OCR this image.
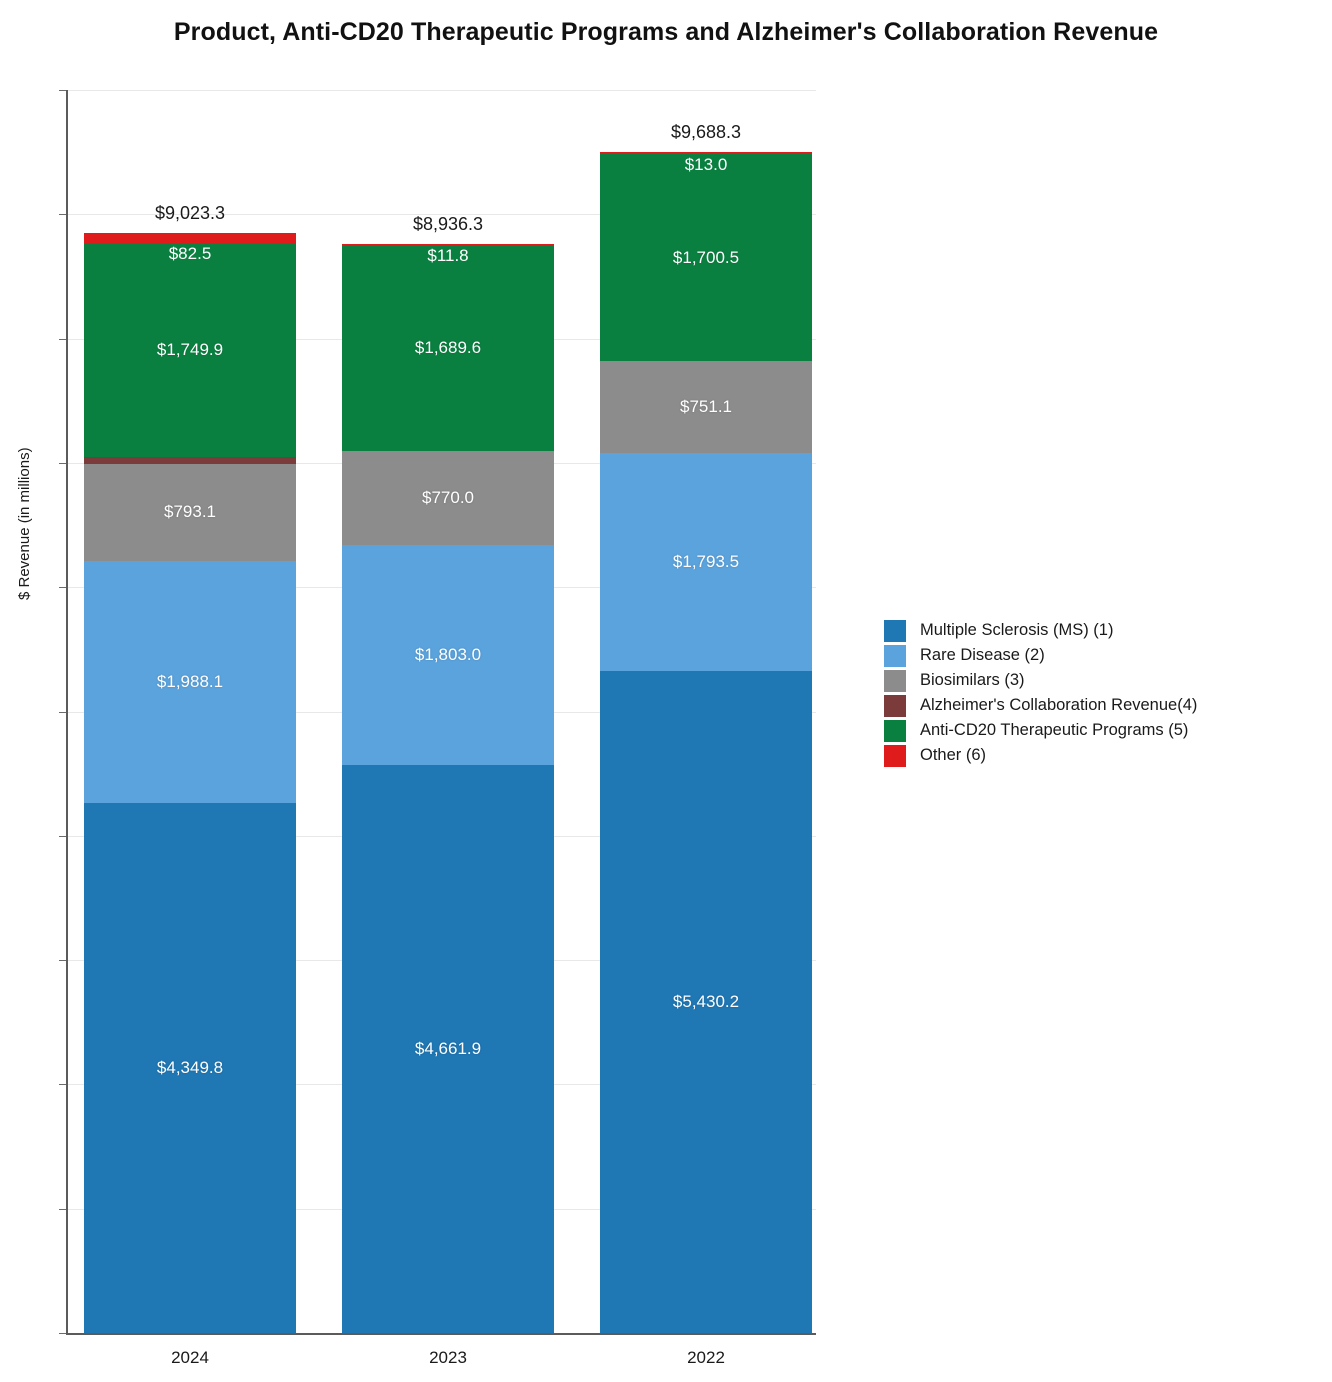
Product, Anti-CD20 Therapeutic Programs and Alzheimer's Collaboration Revenue
$4,349.8
$1,988.1
$793.1
$1,749.9
$82.5
$9,023.3
$4,661.9
$1,803.0
$770.0
$1,689.6
$11.8
$8,936.3
$5,430.2
$1,793.5
$751.1
$1,700.5
$13.0
$9,688.3
$ Revenue (in millions)
2024	2023	2022
Multiple Sclerosis (MS) (1)
Rare Disease (2)
Biosimilars (3)
Alzheimer's Collaboration Revenue(4)
Anti-CD20 Therapeutic Programs (5)
Other (6)
